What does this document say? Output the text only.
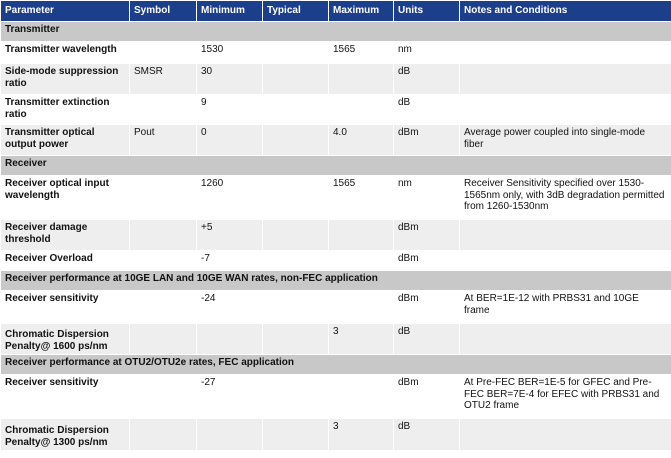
Parameter	Symbol	Minimum	Typical	Maximum	Units	Notes and Conditions
Transmitter						
Transmitter wavelength		1530		1565	nm	
Side-mode suppression ratio	SMSR	30			dB	
Transmitter extinction ratio		9			dB	
Transmitter optical output power	Pout	0		4.0	dBm	Average power coupled into single-mode fiber
Receiver						
Receiver optical input wavelength		1260		1565	nm	Receiver Sensitivity specified over 1530-1565nm only, with 3dB degradation permitted from 1260-1530nm
Receiver damage threshold		+5			dBm	
Receiver Overload		-7			dBm	
Receiver performance at 10GE LAN and 10GE WAN rates, non-FEC application						
Receiver sensitivity		-24			dBm	At BER=1E-12 with PRBS31 and 10GE frame
Chromatic Dispersion Penalty@ 1600 ps/nm				3	dB	
Receiver performance at OTU2/OTU2e rates, FEC application						
Receiver sensitivity		-27			dBm	At Pre-FEC BER=1E-5 for GFEC and Pre-FEC BER=7E-4 for EFEC with PRBS31 and OTU2 frame
Chromatic Dispersion Penalty@ 1300 ps/nm				3	dB	
